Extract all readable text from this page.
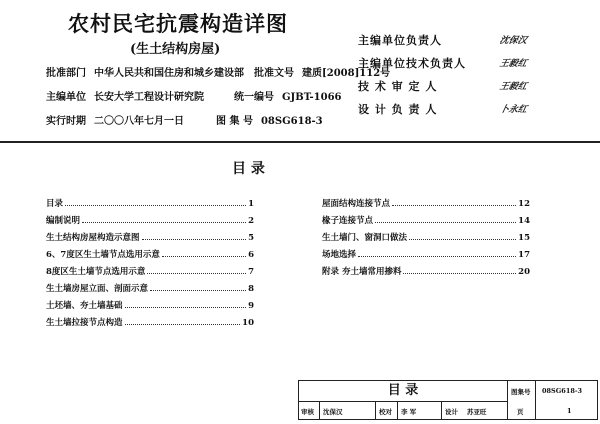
农村民宅抗震构造详图
(生土结构房屋)
批准部门 中华人民共和国住房和城乡建设部 批准文号 建质[2008]112号
主编单位 长安大学工程设计研究院	统一编号 GJBT-1066
实行时期 二〇〇八年七月一日	图 集 号 08SG618-3
主编单位负责人	沈保汉
主编单位技术负责人	王毅红
技 术 审 定 人	王毅红
设 计 负 责 人	卜永红
目 录
目录	1
编制说明	2
生土结构房屋构造示意图	5
6、7度区生土墙节点选用示意	6
8度区生土墙节点选用示意	7
生土墙房屋立面、剖面示意	8
土坯墙、夯土墙基础	9
生土墙拉接节点构造	10
屋面结构连接节点	12
椽子连接节点	14
生土墙门、窗洞口做法	15
场地选择	17
附录 夯土墙常用掺料	20
目 录	图集号 08SG618-3
审核 沈保汉	校对 李 军	设计 苏亚旺	页	1
